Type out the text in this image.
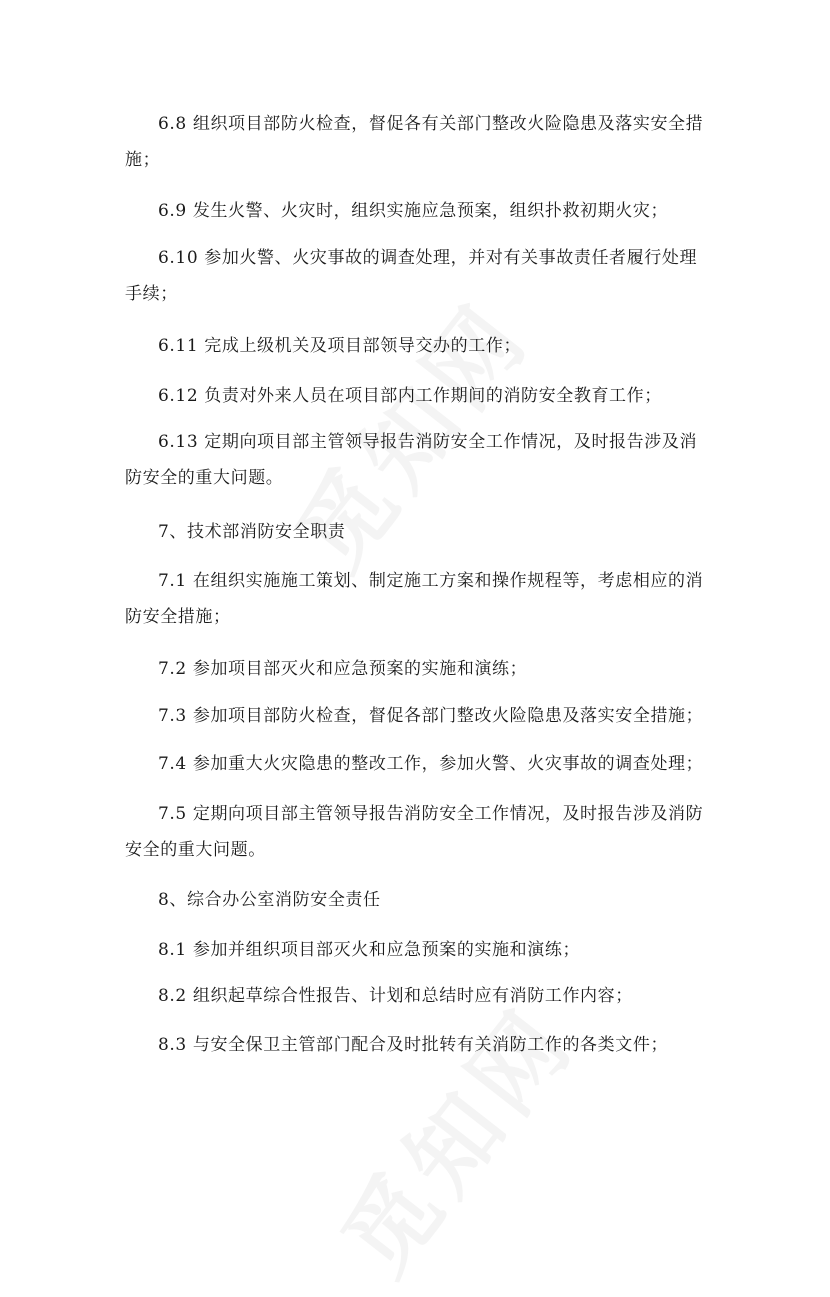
6.8 组织项目部防火检查，督促各有关部门整改火险隐患及落实安全措施；

6.9 发生火警、火灾时，组织实施应急预案，组织扑救初期火灾；

6.10 参加火警、火灾事故的调查处理，并对有关事故责任者履行处理手续；

6.11 完成上级机关及项目部领导交办的工作；

6.12 负责对外来人员在项目部内工作期间的消防安全教育工作；

6.13 定期向项目部主管领导报告消防安全工作情况，及时报告涉及消防安全的重大问题。

7、技术部消防安全职责

7.1 在组织实施施工策划、制定施工方案和操作规程等，考虑相应的消防安全措施；

7.2 参加项目部灭火和应急预案的实施和演练；

7.3 参加项目部防火检查，督促各部门整改火险隐患及落实安全措施；

7.4 参加重大火灾隐患的整改工作，参加火警、火灾事故的调查处理；

7.5 定期向项目部主管领导报告消防安全工作情况，及时报告涉及消防安全的重大问题。

8、综合办公室消防安全责任

8.1 参加并组织项目部灭火和应急预案的实施和演练；

8.2 组织起草综合性报告、计划和总结时应有消防工作内容；

8.3 与安全保卫主管部门配合及时批转有关消防工作的各类文件；
